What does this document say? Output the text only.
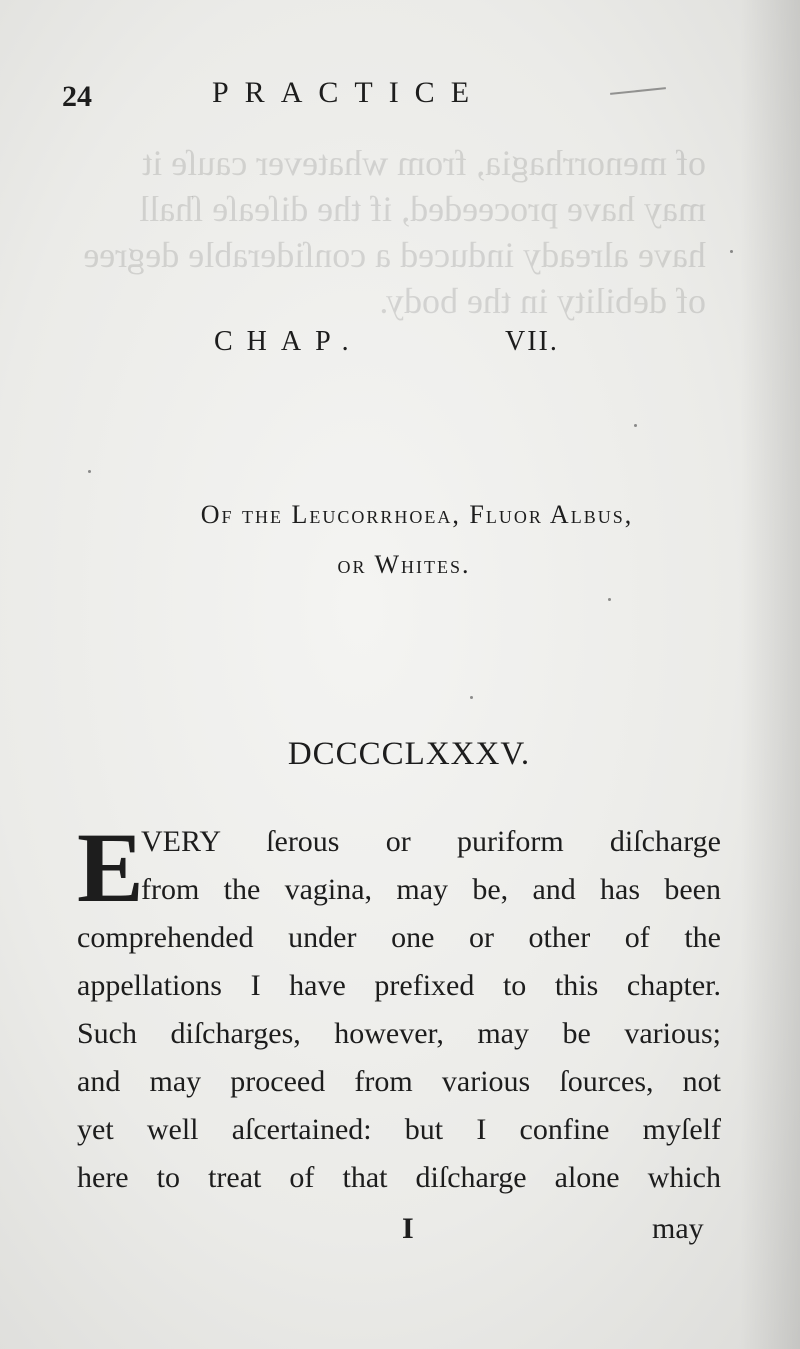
of menorrhagia, from whatever cauſe it
may have proceeded, if the diſeaſe ſhall
have already induced a conſiderable degree
of debility in the body.
24	PRACTICE
CHAP.	VII.
Of the Leucorrhoea, Fluor Albus,
or Whites.
DCCCCLXXXV.
E
VERY ſerous or puriform diſcharge
from the vagina, may be, and has been
comprehended under one or other of the
appellations I have prefixed to this chapter.
Such diſcharges, however, may be various;
and may proceed from various ſources, not
yet well aſcertained: but I confine myſelf
here to treat of that diſcharge alone which
I	may
